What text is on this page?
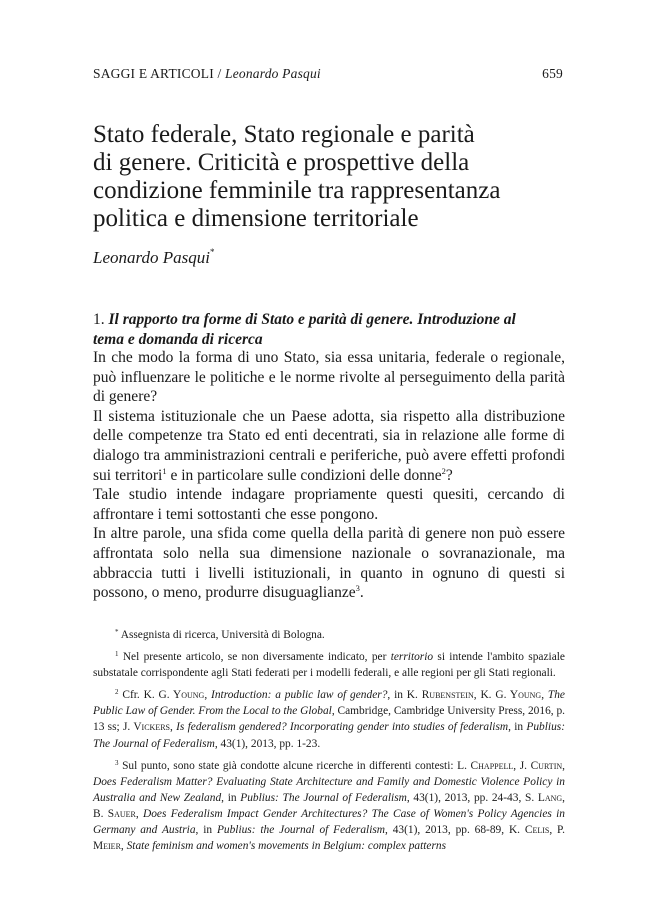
SAGGI E ARTICOLI / Leonardo Pasqui	659
Stato federale, Stato regionale e parità
di genere. Criticità e prospettive della
condizione femminile tra rappresentanza
politica e dimensione territoriale
Leonardo Pasqui*
1. Il rapporto tra forme di Stato e parità di genere. Introduzione al
tema e domanda di ricerca

In che modo la forma di uno Stato, sia essa unitaria, federale o regionale, può influenzare le politiche e le norme rivolte al perseguimento della parità di genere?

Il sistema istituzionale che un Paese adotta, sia rispetto alla distribuzione delle competenze tra Stato ed enti decentrati, sia in relazione alle forme di dialogo tra amministrazioni centrali e periferiche, può avere effetti profondi sui territori$^1$ e in particolare sulle condizioni delle donne$^2$?

Tale studio intende indagare propriamente questi quesiti, cercando di affrontare i temi sottostanti che esse pongono.

In altre parole, una sfida come quella della parità di genere non può essere affrontata solo nella sua dimensione nazionale o sovranazionale, ma abbraccia tutti i livelli istituzionali, in quanto in ognuno di questi si possono, o meno, produrre disuguaglianze$^3$.

* Assegnista di ricerca, Università di Bologna.

$^1$ Nel presente articolo, se non diversamente indicato, per territorio si intende l'ambito spaziale substatale corrispondente agli Stati federati per i modelli federali, e alle regioni per gli Stati regionali.

$^2$ Cfr. K. G. Young, Introduction: a public law of gender?, in K. Rubenstein, K. G. Young, The Public Law of Gender. From the Local to the Global, Cambridge, Cambridge University Press, 2016, p. 13 ss; J. Vickers, Is federalism gendered? Incorporating gender into studies of federalism, in Publius: The Journal of Federalism, 43(1), 2013, pp. 1-23.

$^3$ Sul punto, sono state già condotte alcune ricerche in differenti contesti: L. Chappell, J. Curtin, Does Federalism Matter? Evaluating State Architecture and Family and Domestic Violence Policy in Australia and New Zealand, in Publius: The Journal of Federalism, 43(1), 2013, pp. 24-43, S. Lang, B. Sauer, Does Federalism Impact Gender Architectures? The Case of Women's Policy Agencies in Germany and Austria, in Publius: the Journal of Federalism, 43(1), 2013, pp. 68-89, K. Celis, P. Meier, State feminism and women's movements in Belgium: complex patterns
